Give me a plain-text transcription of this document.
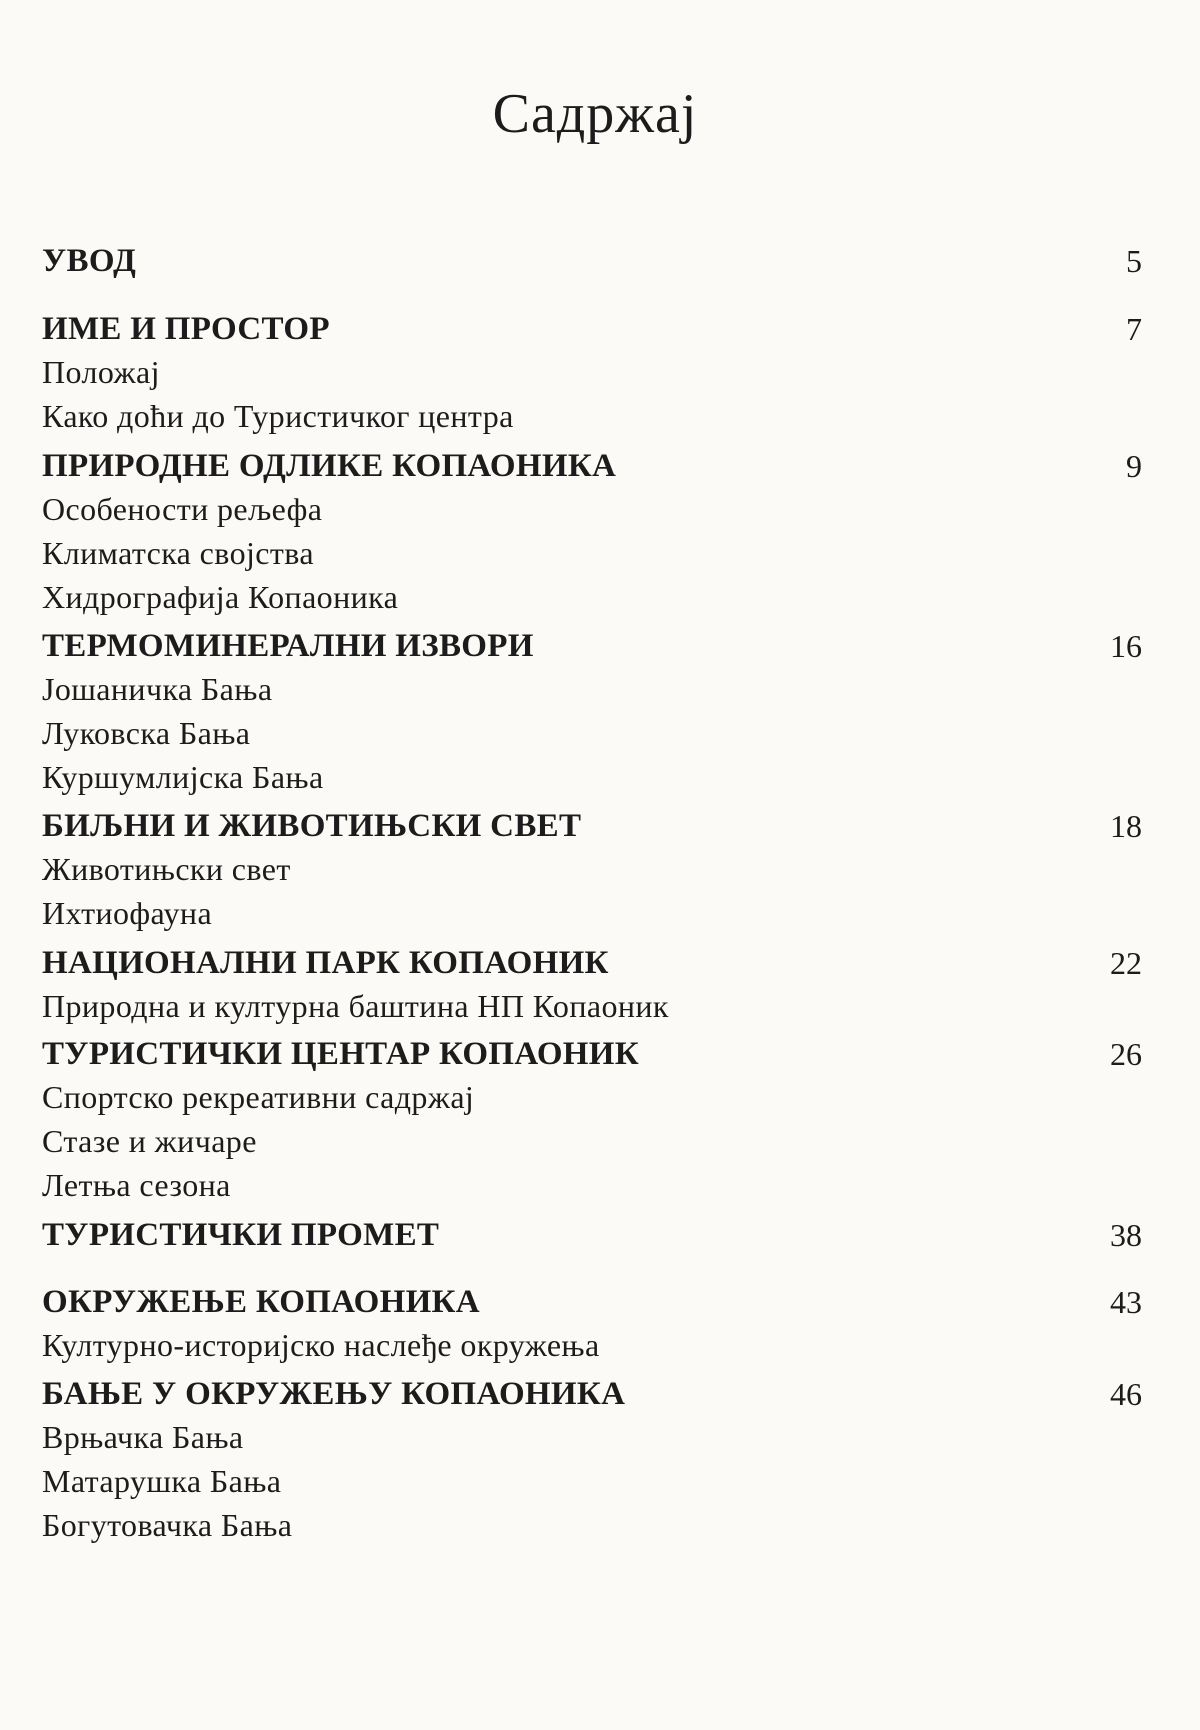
Садржај
УВОД	5
ИМЕ И ПРОСТОР	7
Положај
Како доћи до Туристичког центра
ПРИРОДНЕ ОДЛИКЕ КОПАОНИКА	9
Особености рељефа
Климатска својства
Хидрографија Копаоника
ТЕРМОМИНЕРАЛНИ ИЗВОРИ	16
Јошаничка Бања
Луковска Бања
Куршумлијска Бања
БИЉНИ И ЖИВОТИЊСКИ СВЕТ	18
Животињски свет
Ихтиофауна
НАЦИОНАЛНИ ПАРК КОПАОНИК	22
Природна и културна баштина НП Копаоник
ТУРИСТИЧКИ ЦЕНТАР КОПАОНИК	26
Спортско рекреативни садржај
Стазе и жичаре
Летња сезона
ТУРИСТИЧКИ ПРОМЕТ	38
ОКРУЖЕЊЕ КОПАОНИКА	43
Културно-историјско наслеђе окружења
БАЊЕ У ОКРУЖЕЊУ КОПАОНИКА	46
Врњачка Бања
Матарушка Бања
Богутовачка Бања
